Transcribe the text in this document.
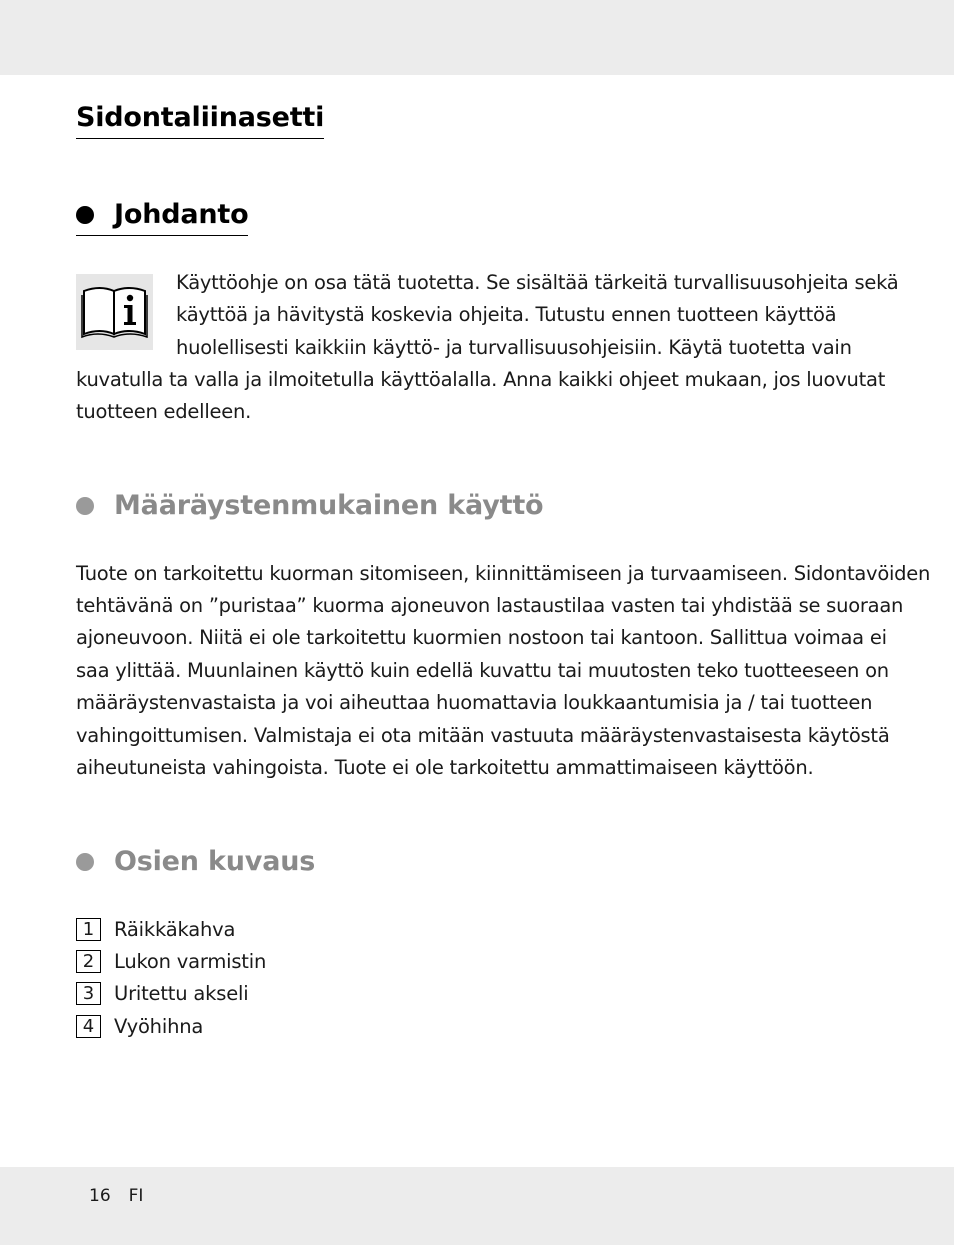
Sidontaliinasetti
Johdanto

Käyttöohje on osa tätä tuotetta. Se sisältää tärkeitä turvallisuusohjeita sekä

käyttöä ja hävitystä koskevia ohjeita. Tutustu ennen tuotteen käyttöä

huolellisesti kaikkiin käyttö- ja turvallisuusohjeisiin. Käytä tuotetta vain

kuvatulla ta valla ja ilmoitetulla käyttöalalla. Anna kaikki ohjeet mukaan, jos luovutat

tuotteen edelleen.

Määräystenmukainen käyttö

Tuote on tarkoitettu kuorman sitomiseen, kiinnittämiseen ja turvaamiseen. Sidontavöiden

tehtävänä on ”puristaa” kuorma ajoneuvon lastaustilaa vasten tai yhdistää se suoraan

ajoneuvoon. Niitä ei ole tarkoitettu kuormien nostoon tai kantoon. Sallittua voimaa ei

saa ylittää. Muunlainen käyttö kuin edellä kuvattu tai muutosten teko tuotteeseen on

määräystenvastaista ja voi aiheuttaa huomattavia loukkaantumisia ja / tai tuotteen

vahingoittumisen. Valmistaja ei ota mitään vastuuta määräystenvastaisesta käytöstä

aiheutuneista vahingoista. Tuote ei ole tarkoitettu ammattimaiseen käyttöön.

Osien kuvaus
1	Räikkäkahva
2	Lukon varmistin
3	Uritettu akseli
4	Vyöhihna
16 FI
